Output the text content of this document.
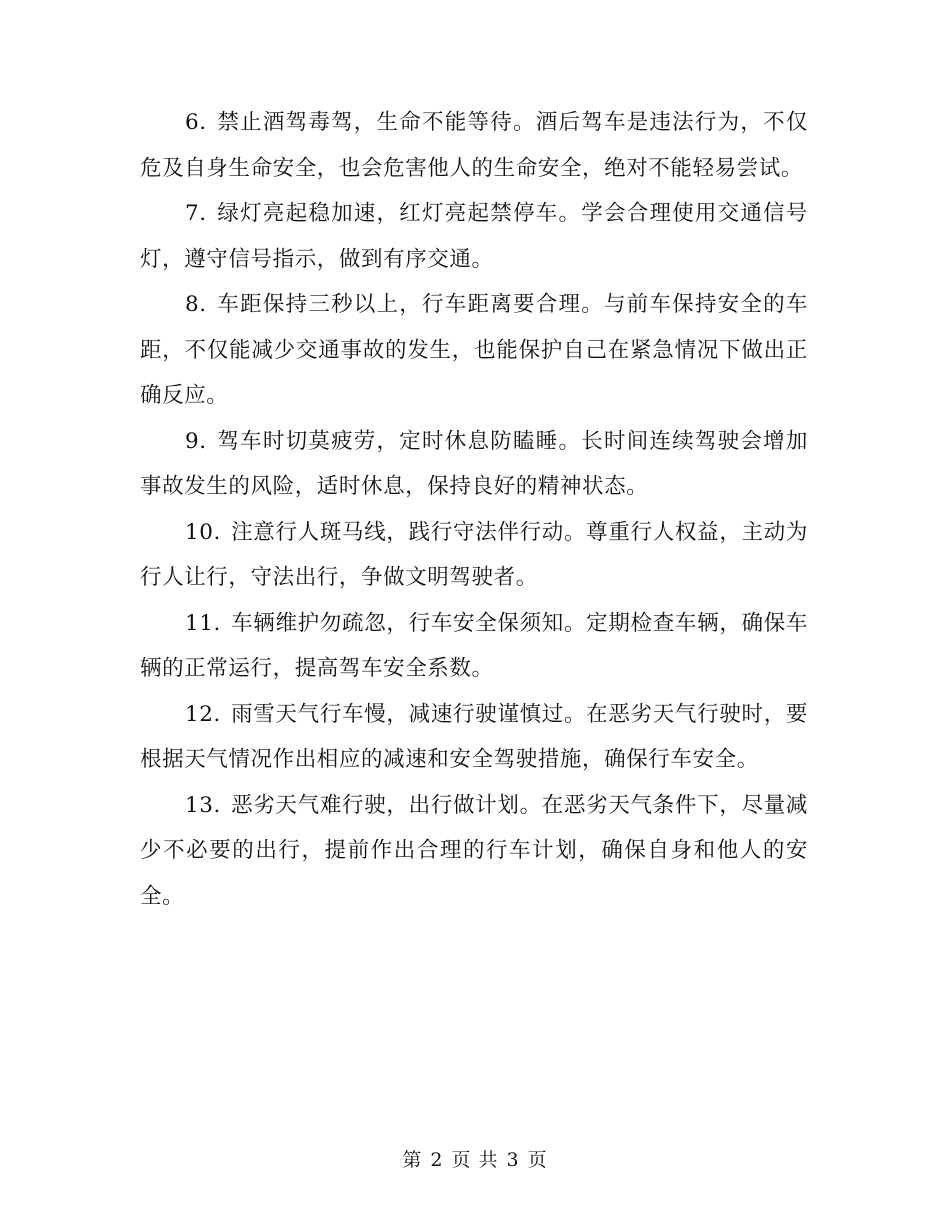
6. 禁止酒驾毒驾，生命不能等待。酒后驾车是违法行为，不仅危及自身生命安全，也会危害他人的生命安全，绝对不能轻易尝试。

7. 绿灯亮起稳加速，红灯亮起禁停车。学会合理使用交通信号灯，遵守信号指示，做到有序交通。

8. 车距保持三秒以上，行车距离要合理。与前车保持安全的车距，不仅能减少交通事故的发生，也能保护自己在紧急情况下做出正确反应。

9. 驾车时切莫疲劳，定时休息防瞌睡。长时间连续驾驶会增加事故发生的风险，适时休息，保持良好的精神状态。

10. 注意行人斑马线，践行守法伴行动。尊重行人权益，主动为行人让行，守法出行，争做文明驾驶者。

11. 车辆维护勿疏忽，行车安全保须知。定期检查车辆，确保车辆的正常运行，提高驾车安全系数。

12. 雨雪天气行车慢，减速行驶谨慎过。在恶劣天气行驶时，要根据天气情况作出相应的减速和安全驾驶措施，确保行车安全。

13. 恶劣天气难行驶，出行做计划。在恶劣天气条件下，尽量减少不必要的出行，提前作出合理的行车计划，确保自身和他人的安全。

第 2 页 共 3 页
